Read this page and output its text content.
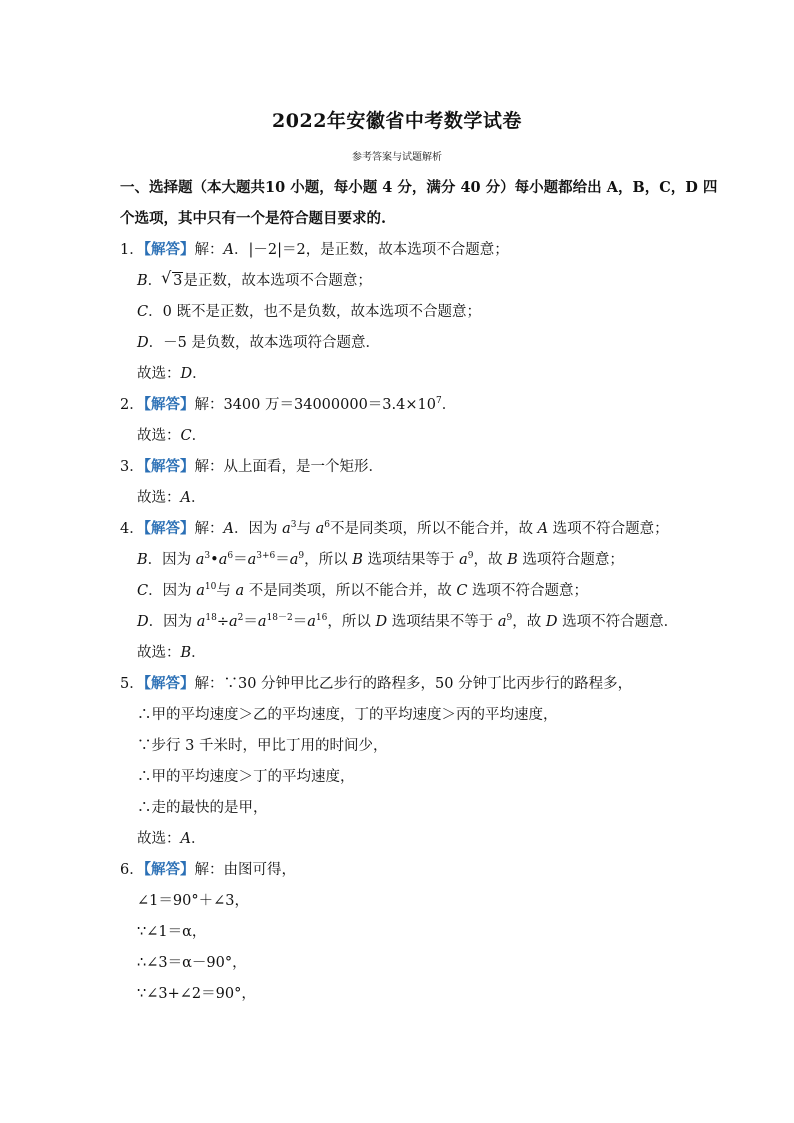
2022年安徽省中考数学试卷
参考答案与试题解析
一、选择题（本大题共10 小题，每小题 4 分，满分 40 分）每小题都给出 A，B，C，D 四
个选项，其中只有一个是符合题目要求的.
1．【解答】解：A．|－2|＝2，是正数，故本选项不合题意；
B．√ 3是正数，故本选项不合题意；
C．0 既不是正数，也不是负数，故本选项不合题意；
D．－5 是负数，故本选项符合题意．
故选：D．
2．【解答】解：3400 万$=34000000=3.4\times 10^7$．
故选：C．
3．【解答】解：从上面看，是一个矩形．
故选：A．
4．【解答】解：A．因为 $a^3$与 $a^6$不是同类项，所以不能合并，故 A 选项不符合题意；
B．因为 $a^3•a^6=a^{3+6}=a^9$，所以 B 选项结果等于 $a^9$，故 B 选项符合题意；
C．因为 $a^{10}$与 a 不是同类项，所以不能合并，故 C 选项不符合题意；
D．因为 $a^{18}\div a^2=a^{18-2}=a^{16}$，所以 D 选项结果不等于 $a^9$，故 D 选项不符合题意．
故选：B．
5．【解答】解：∵30 分钟甲比乙步行的路程多，50 分钟丁比丙步行的路程多，
∴甲的平均速度＞乙的平均速度，丁的平均速度＞丙的平均速度，
∵步行 3 千米时，甲比丁用的时间少，
∴甲的平均速度＞丁的平均速度，
∴走的最快的是甲，
故选：A．
6．【解答】解：由图可得，
∠1＝90°＋∠3，
∵∠1＝α，
∴∠3＝α－90°，
∵∠3+∠2＝90°，
